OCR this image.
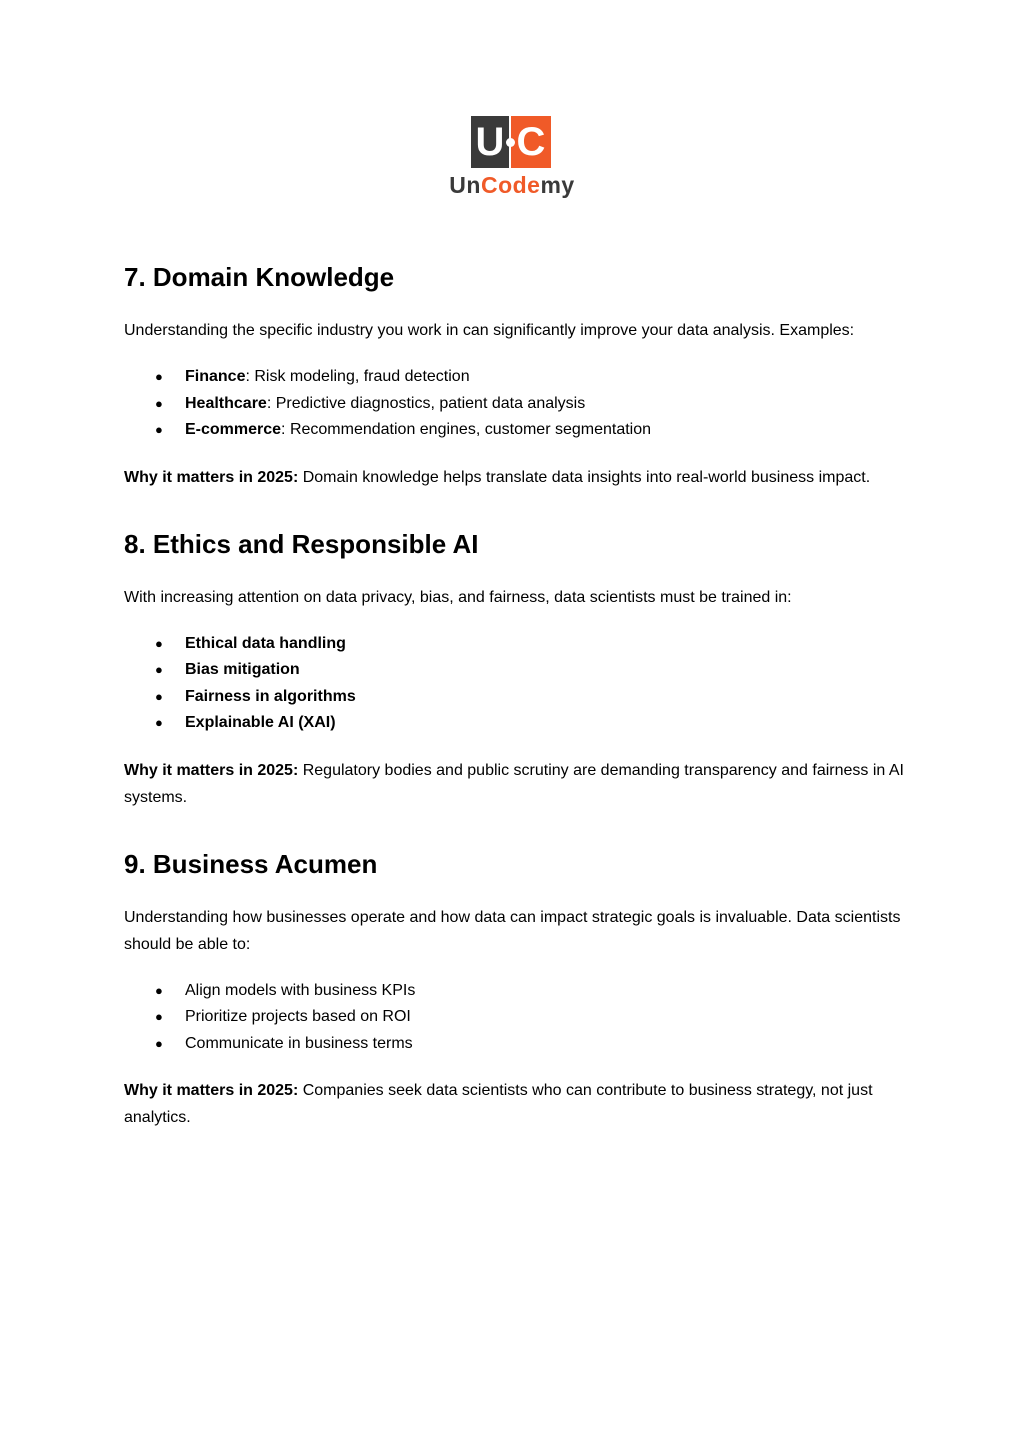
U C
UnCodemy
7. Domain Knowledge

Understanding the specific industry you work in can significantly improve your data analysis. Examples:

● Finance: Risk modeling, fraud detection
● Healthcare: Predictive diagnostics, patient data analysis
● E-commerce: Recommendation engines, customer segmentation

Why it matters in 2025: Domain knowledge helps translate data insights into real-world business impact.

8. Ethics and Responsible AI

With increasing attention on data privacy, bias, and fairness, data scientists must be trained in:

● Ethical data handling
● Bias mitigation
● Fairness in algorithms
● Explainable AI (XAI)

Why it matters in 2025: Regulatory bodies and public scrutiny are demanding transparency and fairness in AI systems.

9. Business Acumen

Understanding how businesses operate and how data can impact strategic goals is invaluable. Data scientists should be able to:

● Align models with business KPIs
● Prioritize projects based on ROI
● Communicate in business terms

Why it matters in 2025: Companies seek data scientists who can contribute to business strategy, not just analytics.
